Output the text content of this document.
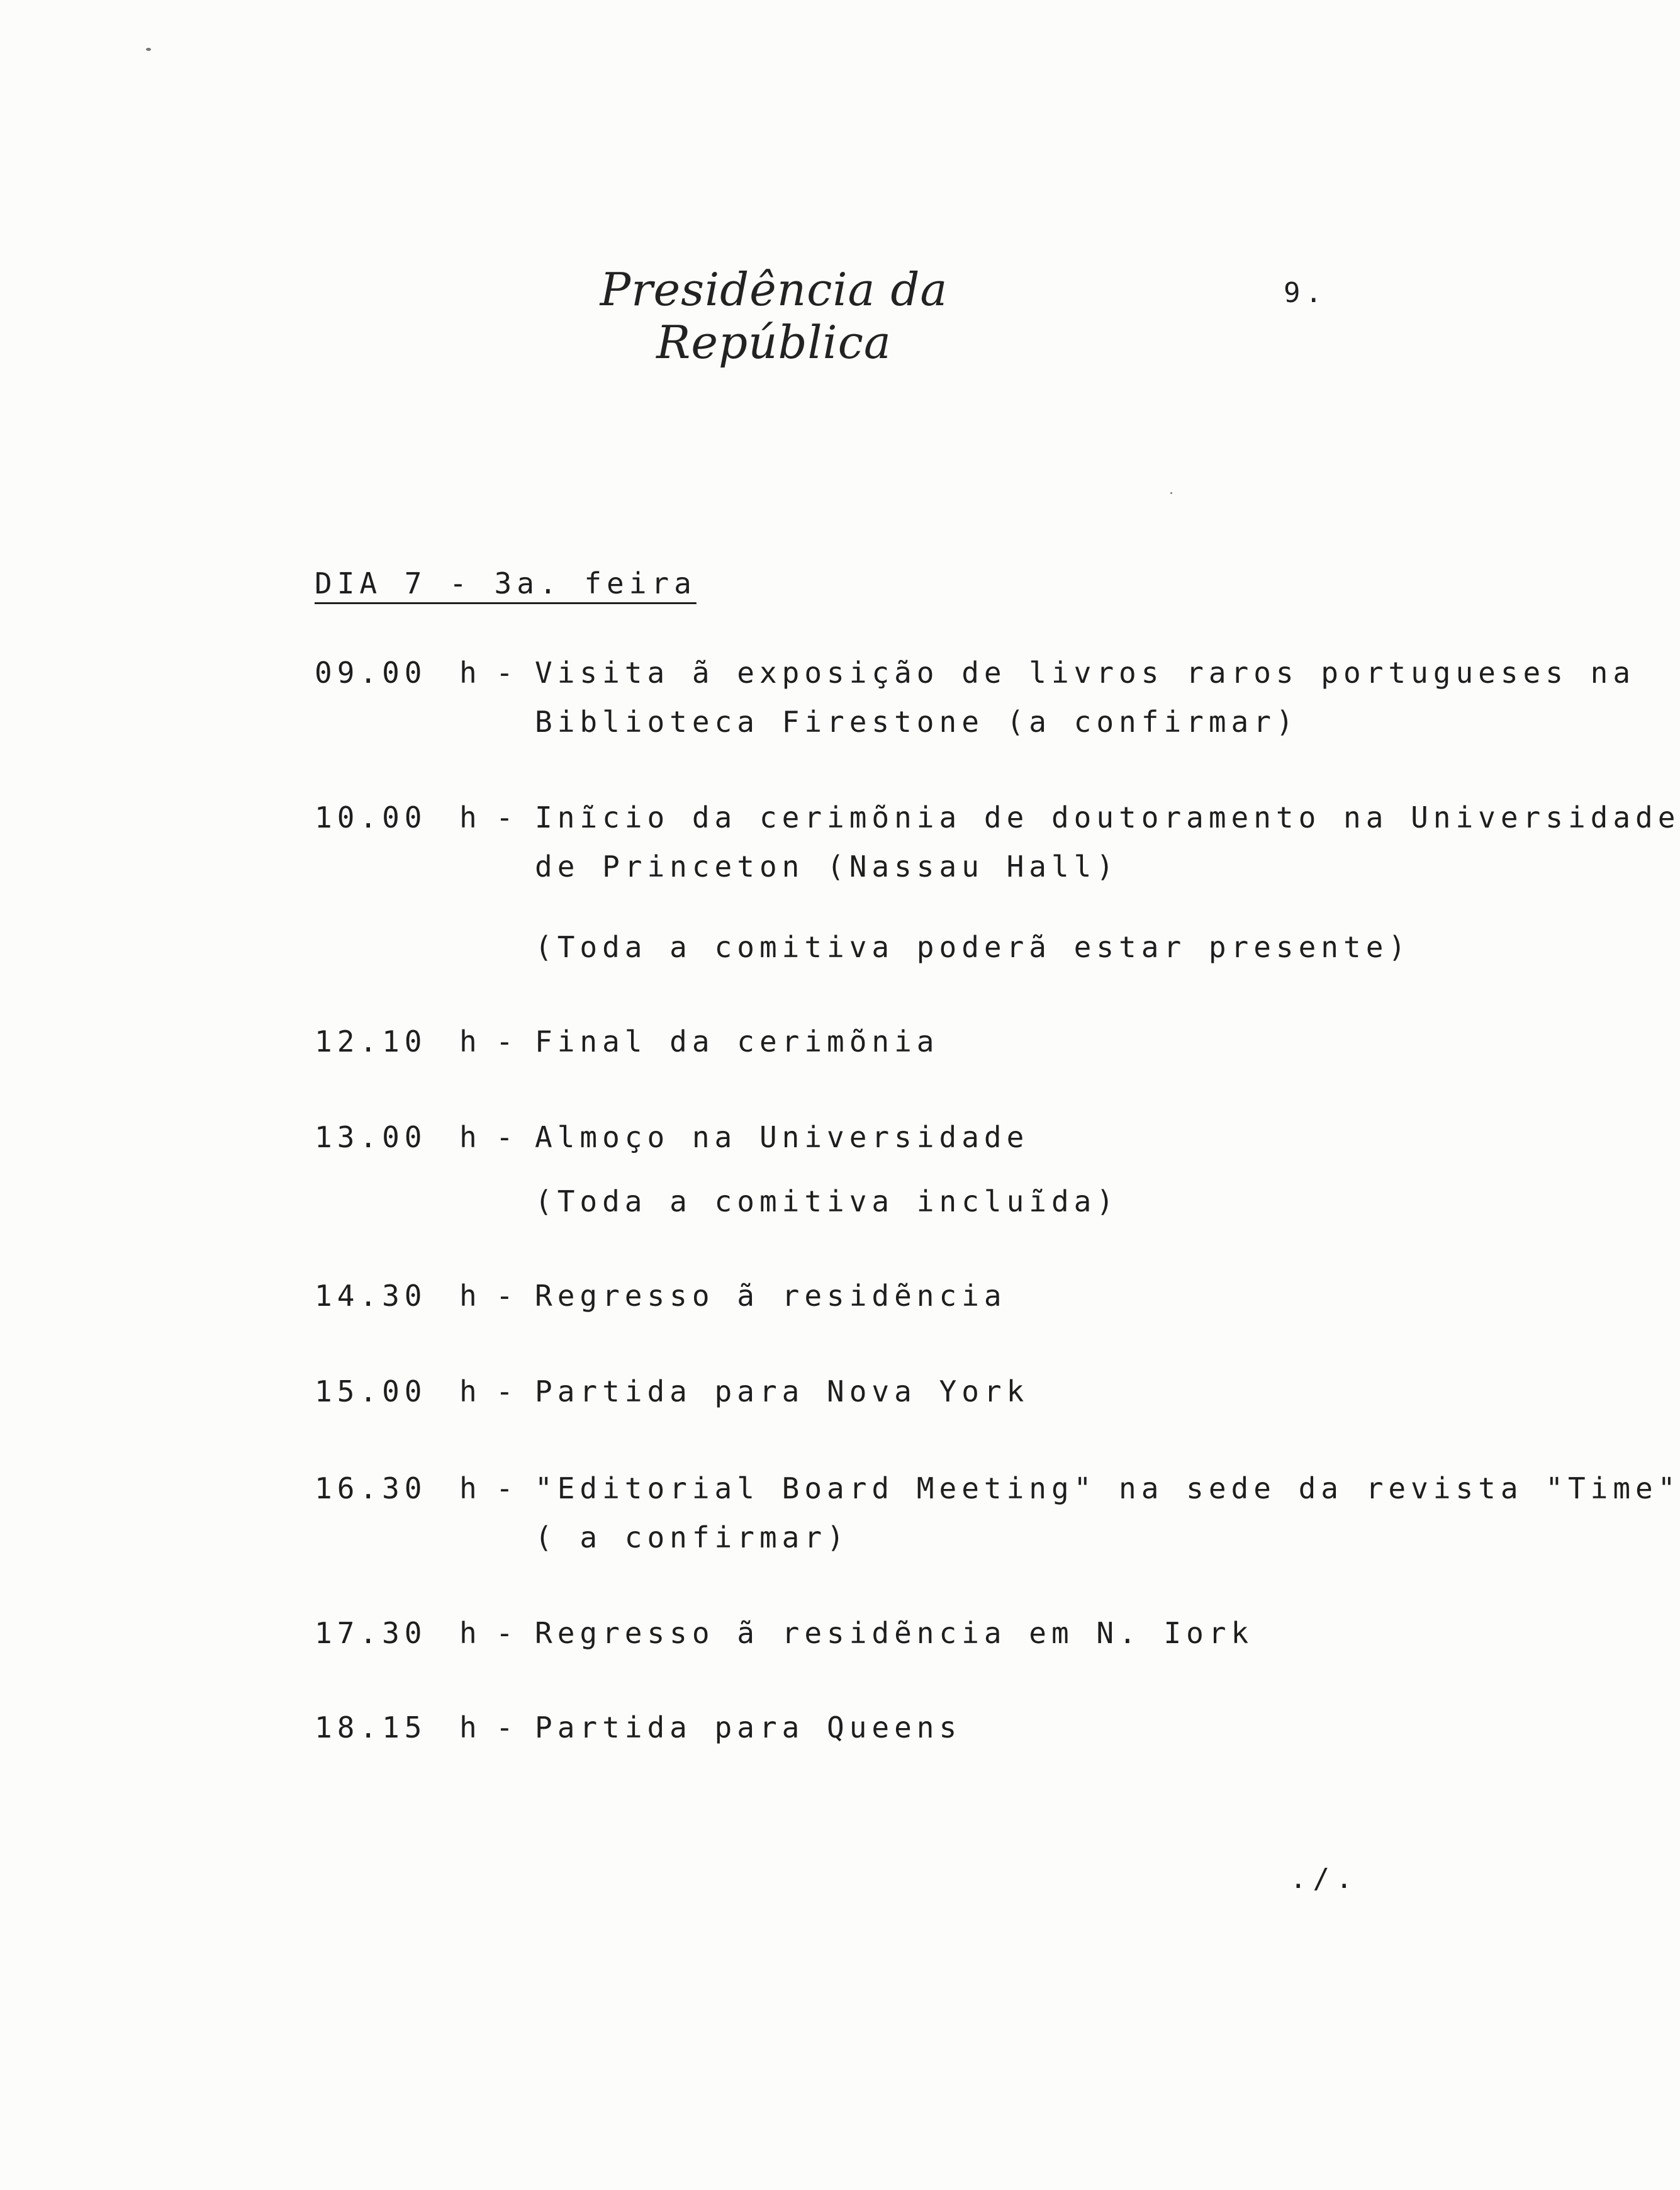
Presidência da República
9.
DIA 7 - 3a. feira
09.00	h - Visita ã exposição de livros raros portugueses na
Biblioteca Firestone (a confirmar)
10.00	h - Inĩcio da cerimõnia de doutoramento na Universidade
de Princeton (Nassau Hall)
(Toda a comitiva poderã estar presente)
12.10	h - Final da cerimõnia
13.00	h - Almoço na Universidade
(Toda a comitiva incluĩda)
14.30	h - Regresso ã residẽncia
15.00	h - Partida para Nova York
16.30	h - "Editorial Board Meeting" na sede da revista "Time"
( a confirmar)
17.30	h - Regresso ã residẽncia em N. Iork
18.15	h - Partida para Queens
./.
